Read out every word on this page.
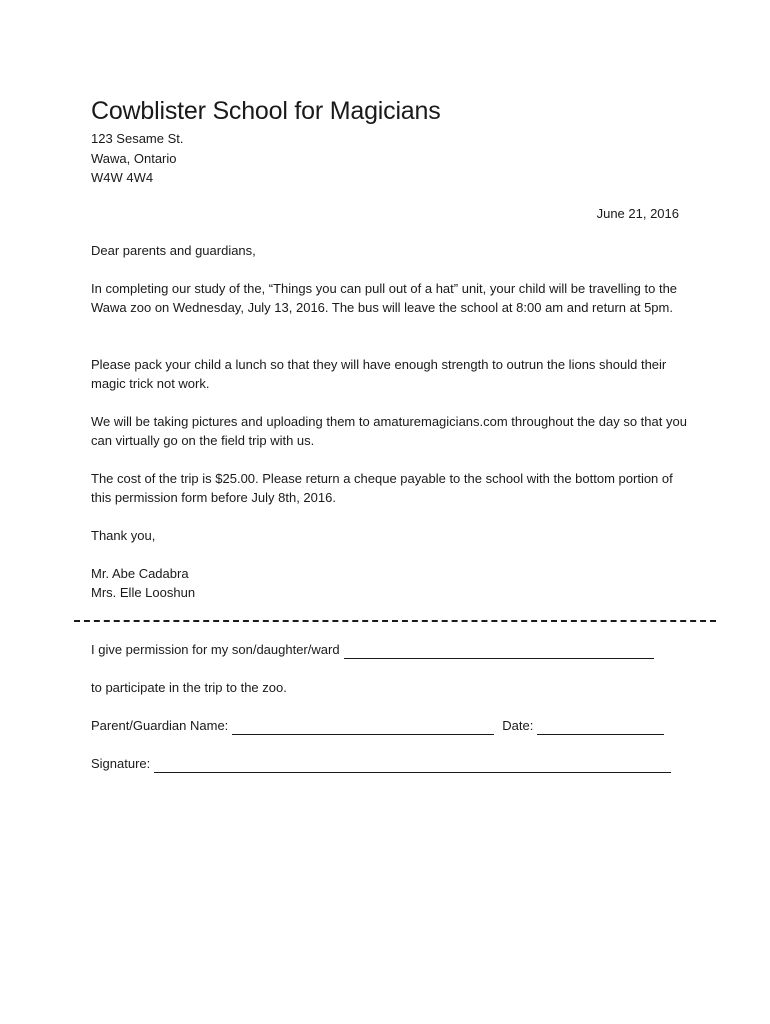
Cowblister School for Magicians
123 Sesame St.
Wawa, Ontario
W4W 4W4
June 21, 2016
Dear parents and guardians,
In completing our study of the, “Things you can pull out of a hat” unit, your child will be travelling to the Wawa zoo on Wednesday, July 13, 2016. The bus will leave the school at 8:00 am and return at 5pm.
Please pack your child a lunch so that they will have enough strength to outrun the lions should their magic trick not work.
We will be taking pictures and uploading them to amaturemagicians.com throughout the day so that you can virtually go on the field trip with us.
The cost of the trip is $25.00. Please return a cheque payable to the school with the bottom portion of this permission form before July 8th, 2016.
Thank you,
Mr. Abe Cadabra
Mrs. Elle Looshun
I give permission for my son/daughter/ward
to participate in the trip to the zoo.
Parent/Guardian Name:	Date:
Signature:
